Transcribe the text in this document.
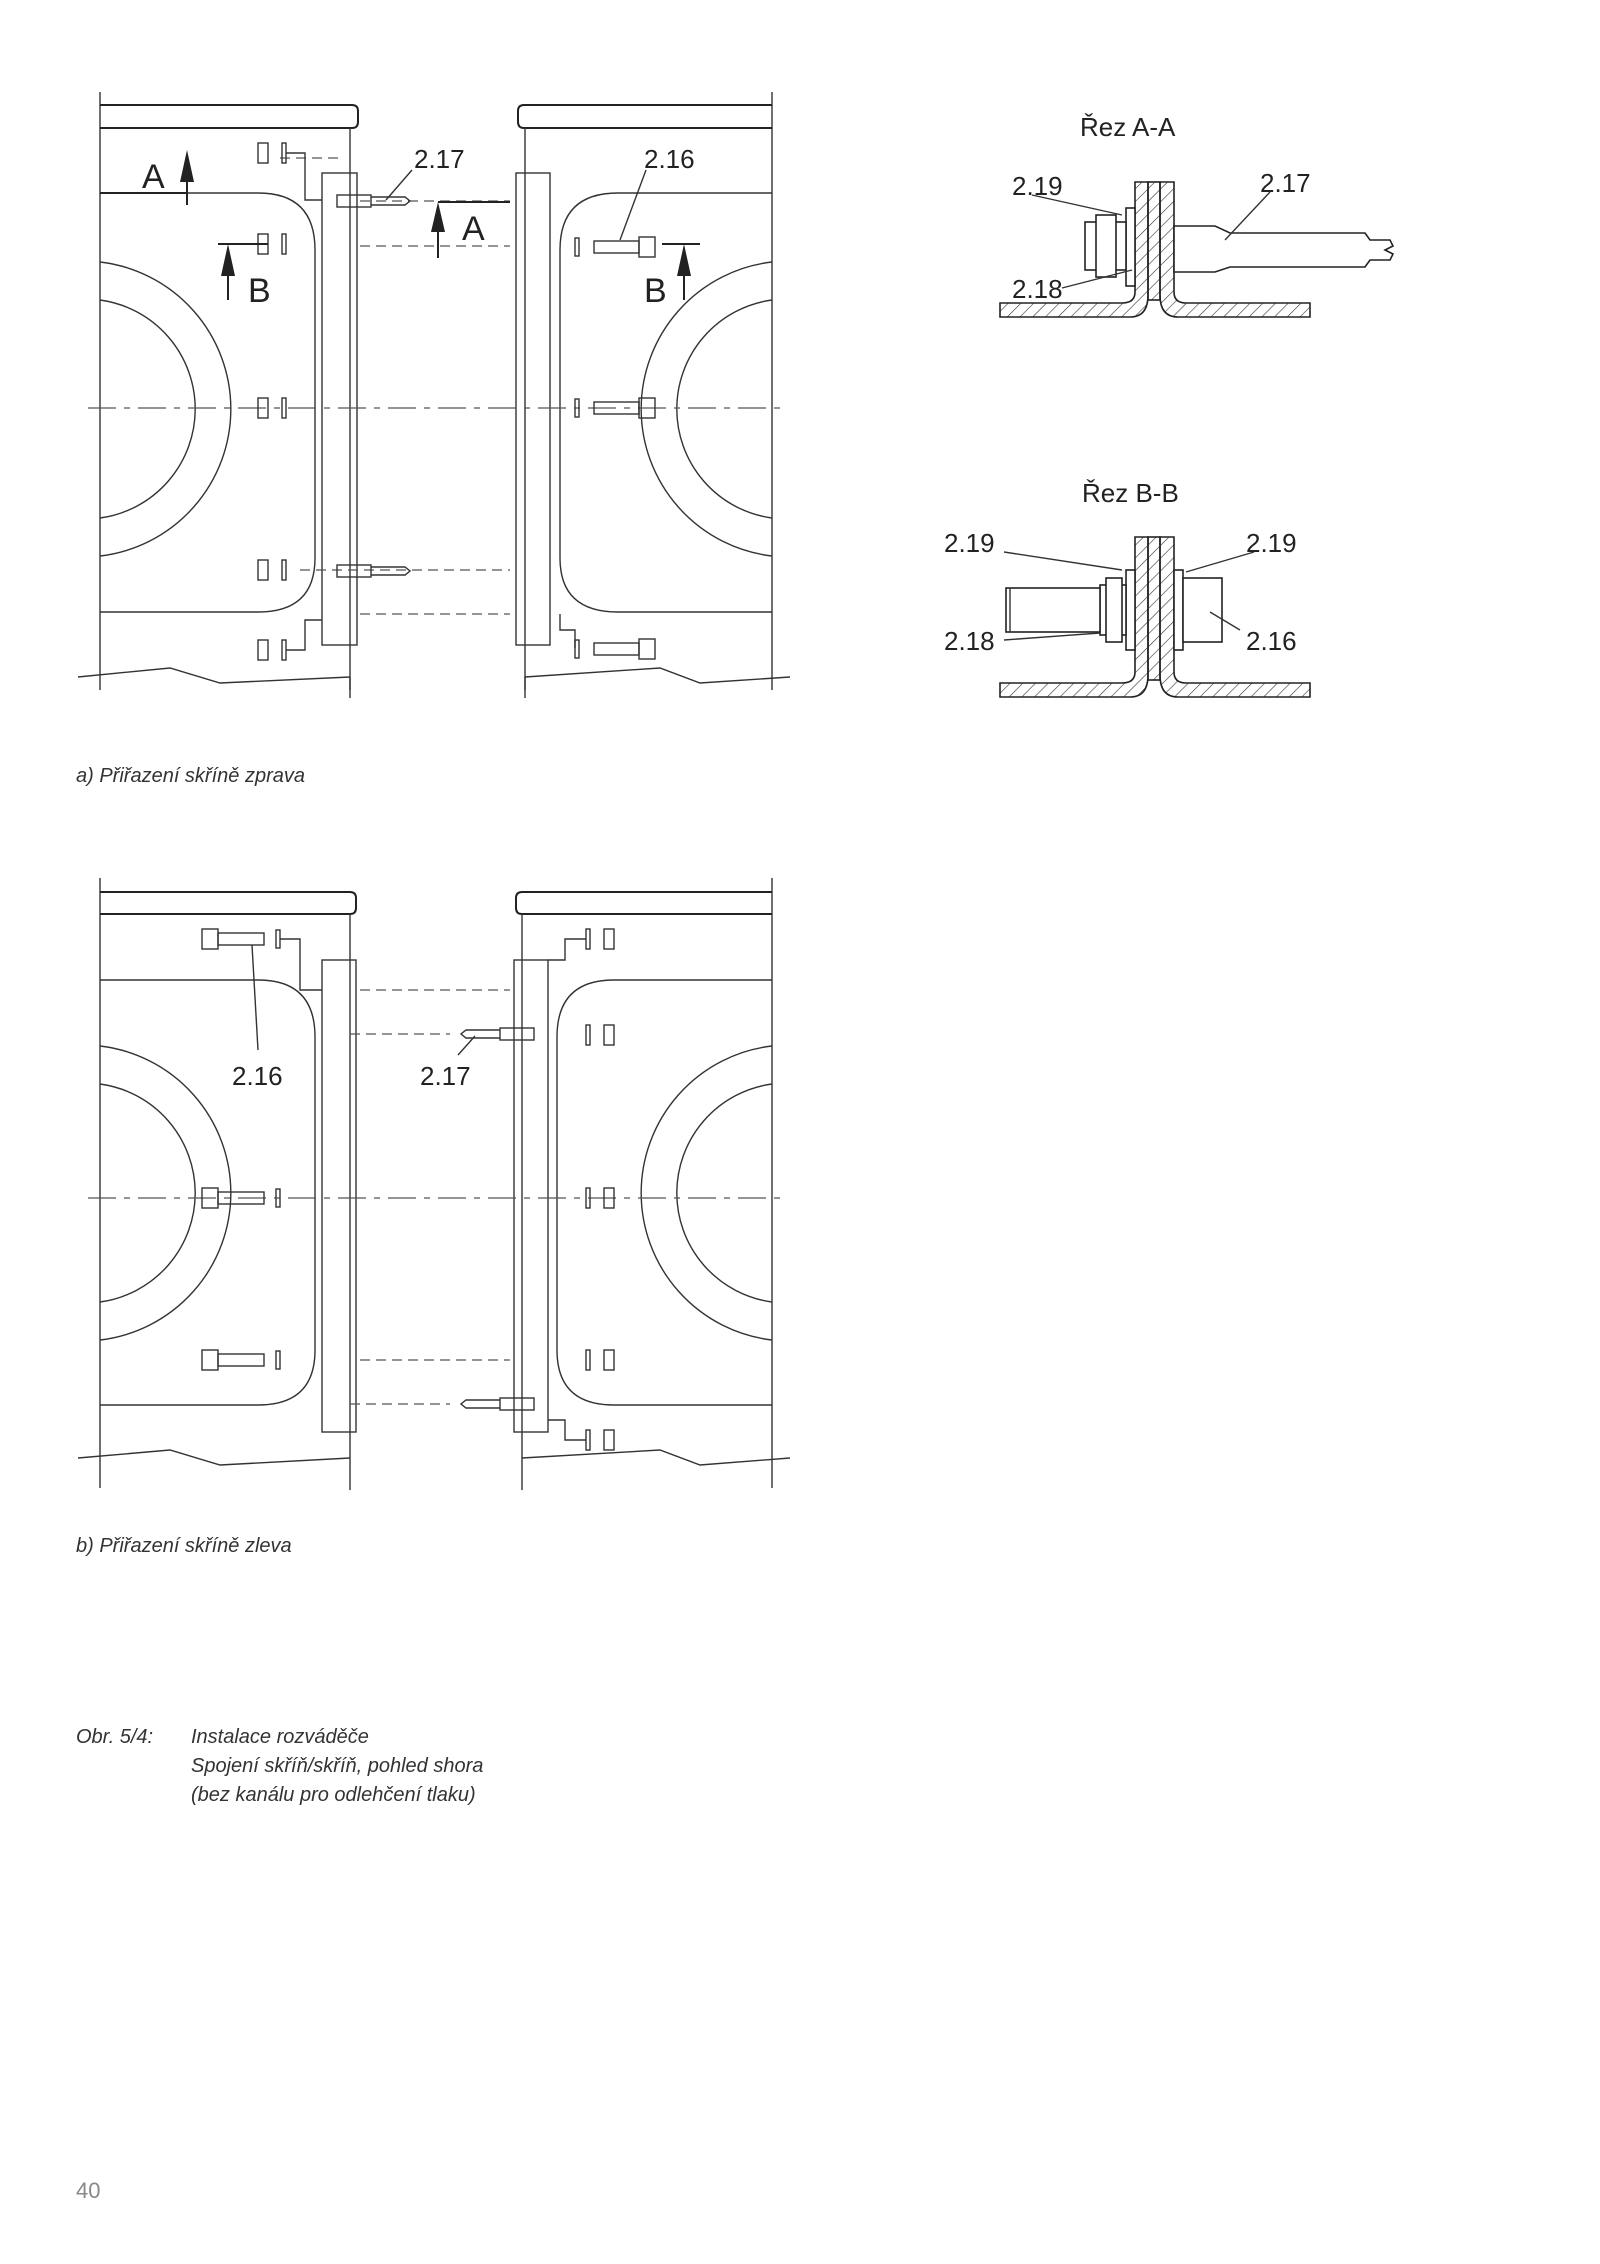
2.17	2.16
A
A
B	B
Řez A-A
2.19	2.17
2.18
Řez B-B
2.19	2.19
2.18	2.16
2.16	2.17
a) Přiřazení skříně zprava
b) Přiřazení skříně zleva
Obr. 5/4: Instalace rozváděče
Spojení skříň/skříň, pohled shora
(bez kanálu pro odlehčení tlaku)
40
